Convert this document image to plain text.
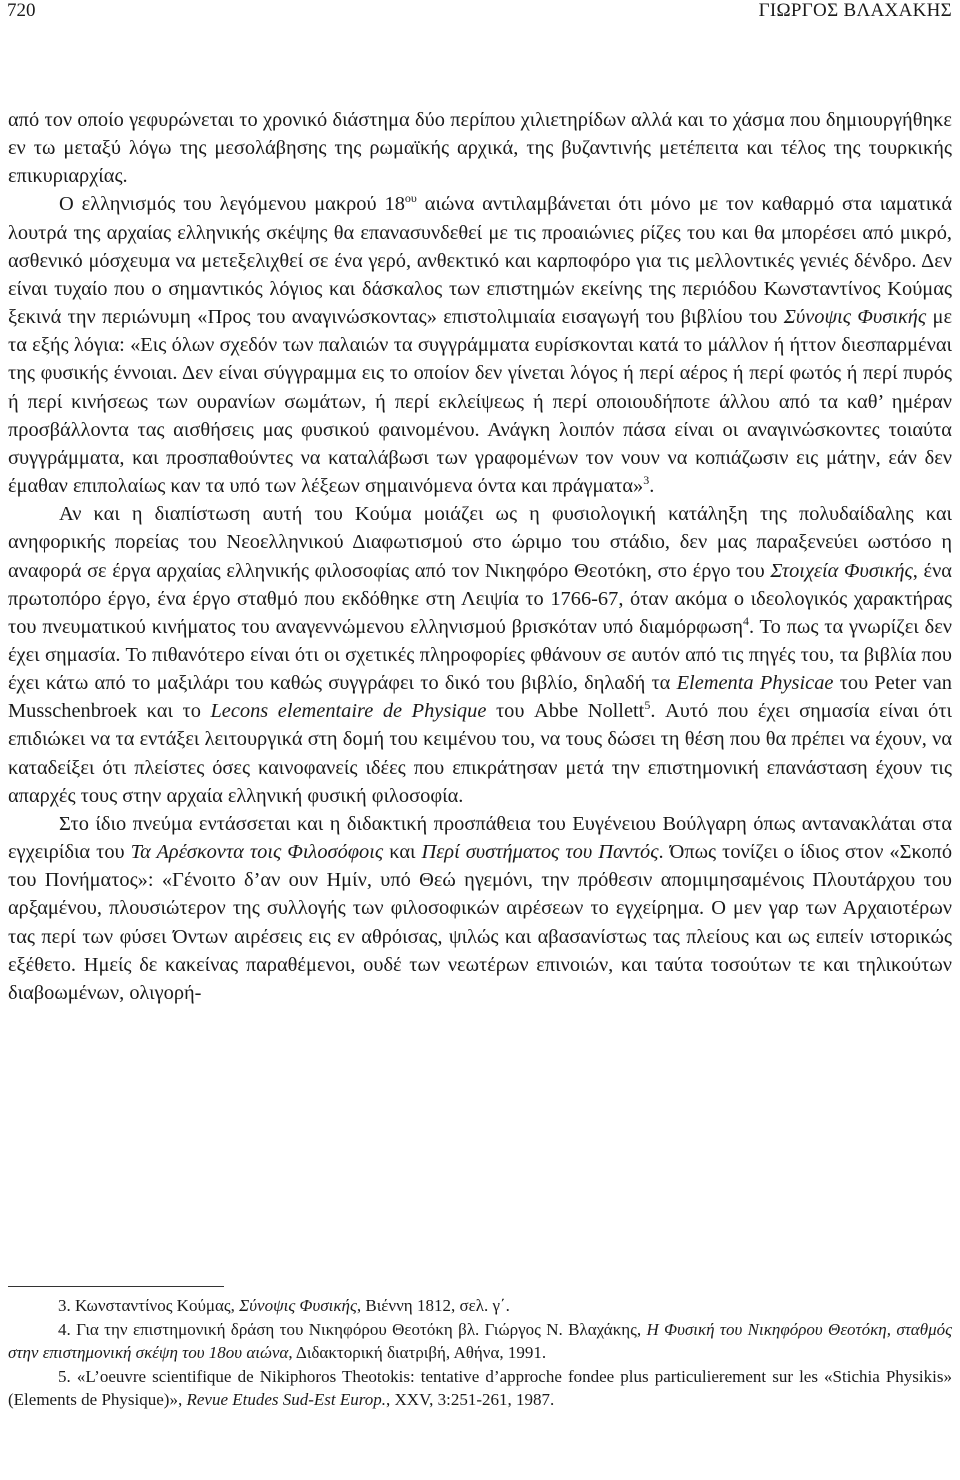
720	ΓΙΩΡΓΟΣ ΒΛΑΧΑΚΗΣ

από τον οποίο γεφυρώνεται το χρονικό διάστημα δύο περίπου χιλιετηρίδων αλλά και το χάσμα που δημιουργήθηκε εν τω μεταξύ λόγω της μεσολάβησης της ρωμαϊκής αρχικά, της βυζαντινής μετέπειτα και τέλος της τουρκικής επικυριαρχίας.

Ο ελληνισμός του λεγόμενου μακρού $18^{o\upsilon}$ αιώνα αντιλαμβάνεται ότι μόνο με τον καθαρμό στα ιαματικά λουτρά της αρχαίας ελληνικής σκέψης θα επανασυνδεθεί με τις προαιώνιες ρίζες του και θα μπορέσει από μικρό, ασθενικό μόσχευμα να μετεξελιχθεί σε ένα γερό, ανθεκτικό και καρποφόρο για τις μελλοντικές γενιές δένδρο. Δεν είναι τυχαίο που ο σημαντικός λόγιος και δάσκαλος των επιστημών εκείνης της περιόδου Κωνσταντίνος Κούμας ξεκινά την περιώνυμη «Προς του αναγινώσκοντας» επιστολιμιαία εισαγωγή του βιβλίου του Σύνοψις Φυσικής με τα εξής λόγια: «Εις όλων σχεδόν των παλαιών τα συγγράμματα ευρίσκονται κατά το μάλλον ή ήττον διεσπαρμέναι της φυσικής έννοιαι. Δεν είναι σύγγραμμα εις το οποίον δεν γίνεται λόγος ή περί αέρος ή περί φωτός ή περί πυρός ή περί κινήσεως των ουρανίων σωμάτων, ή περί εκλείψεως ή περί οποιουδήποτε άλλου από τα καθ’ ημέραν προσβάλλοντα τας αισθήσεις μας φυσικού φαινομένου. Ανάγκη λοιπόν πάσα είναι οι αναγινώσκοντες τοιαύτα συγγράμματα, και προσπαθούντες να καταλάβωσι των γραφομένων τον νουν να κοπιάζωσιν εις μάτην, εάν δεν έμαθαν επιπολαίως καν τα υπό των λέξεων σημαινόμενα όντα και πράγματα»$^3$.

Αν και η διαπίστωση αυτή του Κούμα μοιάζει ως η φυσιολογική κατάληξη της πολυδαίδαλης και ανηφορικής πορείας του Νεοελληνικού Διαφωτισμού στο ώριμο του στάδιο, δεν μας παραξενεύει ωστόσο η αναφορά σε έργα αρχαίας ελληνικής φιλοσοφίας από τον Νικηφόρο Θεοτόκη, στο έργο του Στοιχεία Φυσικής, ένα πρωτοπόρο έργο, ένα έργο σταθμό που εκδόθηκε στη Λειψία το 1766-67, όταν ακόμα ο ιδεολογικός χαρακτήρας του πνευματικού κινήματος του αναγεννώμενου ελληνισμού βρισκόταν υπό διαμόρφωση$^4$. Το πως τα γνωρίζει δεν έχει σημασία. Το πιθανότερο είναι ότι οι σχετικές πληροφορίες φθάνουν σε αυτόν από τις πηγές του, τα βιβλία που έχει κάτω από το μαξιλάρι του καθώς συγγράφει το δικό του βιβλίο, δηλαδή τα Elementa Physicae του Peter van Musschenbroek και το Lecons elementaire de Physique του Abbe Nollett$^5$. Αυτό που έχει σημασία είναι ότι επιδιώκει να τα εντάξει λειτουργικά στη δομή του κειμένου του, να τους δώσει τη θέση που θα πρέπει να έχουν, να καταδείξει ότι πλείστες όσες καινοφανείς ιδέες που επικράτησαν μετά την επιστημονική επανάσταση έχουν τις απαρχές τους στην αρχαία ελληνική φυσική φιλοσοφία.

Στο ίδιο πνεύμα εντάσσεται και η διδακτική προσπάθεια του Ευγένειου Βούλγαρη όπως αντανακλάται στα εγχειρίδια του Τα Αρέσκοντα τοις Φιλοσόφοις και Περί συστήματος του Παντός. Όπως τονίζει ο ίδιος στον «Σκοπό του Πονήματος»: «Γένοιτο δ’αν ουν Ημίν, υπό Θεώ ηγεμόνι, την πρόθεσιν απομιμησαμένοις Πλουτάρχου του αρξαμένου, πλουσιώτερον της συλλογής των φιλοσοφικών αιρέσεων το εγχείρημα. Ο μεν γαρ των Αρχαιοτέρων τας περί των φύσει Όντων αιρέσεις εις εν αθρόισας, ψιλώς και αβασανίστως τας πλείους και ως ειπείν ιστορικώς εξέθετο. Ημείς δε κακείνας παραθέμενοι, ουδέ των νεωτέρων επινοιών, και ταύτα τοσούτων τε και τηλικούτων διαβοωμένων, ολιγορή-

3. Κωνσταντίνος Κούμας, Σύνοψις Φυσικής, Βιέννη 1812, σελ. γ΄.

4. Για την επιστημονική δράση του Νικηφόρου Θεοτόκη βλ. Γιώργος Ν. Βλαχάκης, Η Φυσική του Νικηφόρου Θεοτόκη, σταθμός στην επιστημονική σκέψη του 18ου αιώνα, Διδακτορική διατριβή, Αθήνα, 1991.

5. «L’oeuvre scientifique de Nikiphoros Theotokis: tentative d’approche fondee plus particulierement sur les «Stichia Physikis» (Elements de Physique)», Revue Etudes Sud-Est Europ., XXV, 3:251-261, 1987.
